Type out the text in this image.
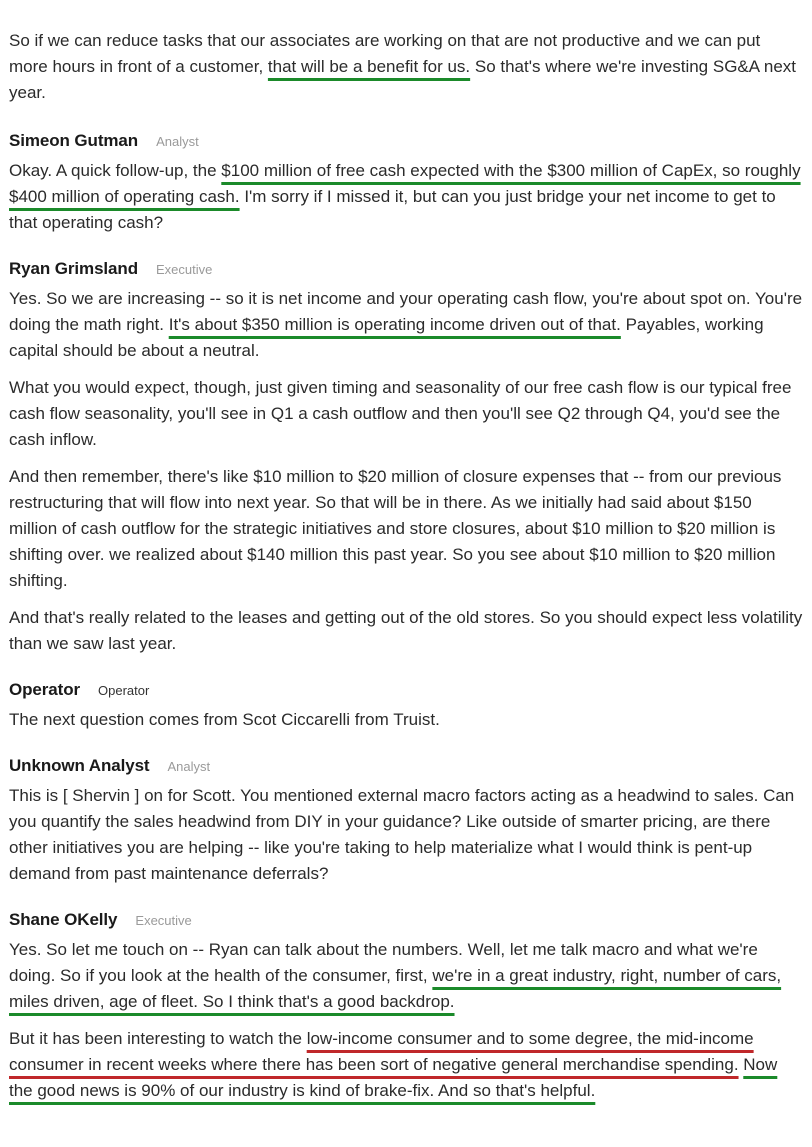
So if we can reduce tasks that our associates are working on that are not productive and we can put more hours in front of a customer, that will be a benefit for us. So that's where we're investing SG&A next year.

Simeon Gutman Analyst

Okay. A quick follow-up, the $100 million of free cash expected with the $300 million of CapEx, so roughly $400 million of operating cash. I'm sorry if I missed it, but can you just bridge your net income to get to that operating cash?

Ryan Grimsland Executive

Yes. So we are increasing -- so it is net income and your operating cash flow, you're about spot on. You're doing the math right. It's about $350 million is operating income driven out of that. Payables, working capital should be about a neutral.

What you would expect, though, just given timing and seasonality of our free cash flow is our typical free cash flow seasonality, you'll see in Q1 a cash outflow and then you'll see Q2 through Q4, you'd see the cash inflow.

And then remember, there's like $10 million to $20 million of closure expenses that -- from our previous restructuring that will flow into next year. So that will be in there. As we initially had said about $150 million of cash outflow for the strategic initiatives and store closures, about $10 million to $20 million is shifting over. we realized about $140 million this past year. So you see about $10 million to $20 million shifting.

And that's really related to the leases and getting out of the old stores. So you should expect less volatility than we saw last year.

Operator Operator

The next question comes from Scot Ciccarelli from Truist.

Unknown Analyst Analyst

This is [ Shervin ] on for Scott. You mentioned external macro factors acting as a headwind to sales. Can you quantify the sales headwind from DIY in your guidance? Like outside of smarter pricing, are there other initiatives you are helping -- like you're taking to help materialize what I would think is pent-up demand from past maintenance deferrals?

Shane OKelly Executive

Yes. So let me touch on -- Ryan can talk about the numbers. Well, let me talk macro and what we're doing. So if you look at the health of the consumer, first, we're in a great industry, right, number of cars, miles driven, age of fleet. So I think that's a good backdrop.

But it has been interesting to watch the low-income consumer and to some degree, the mid-income consumer in recent weeks where there has been sort of negative general merchandise spending. Now the good news is 90% of our industry is kind of brake-fix. And so that's helpful.
